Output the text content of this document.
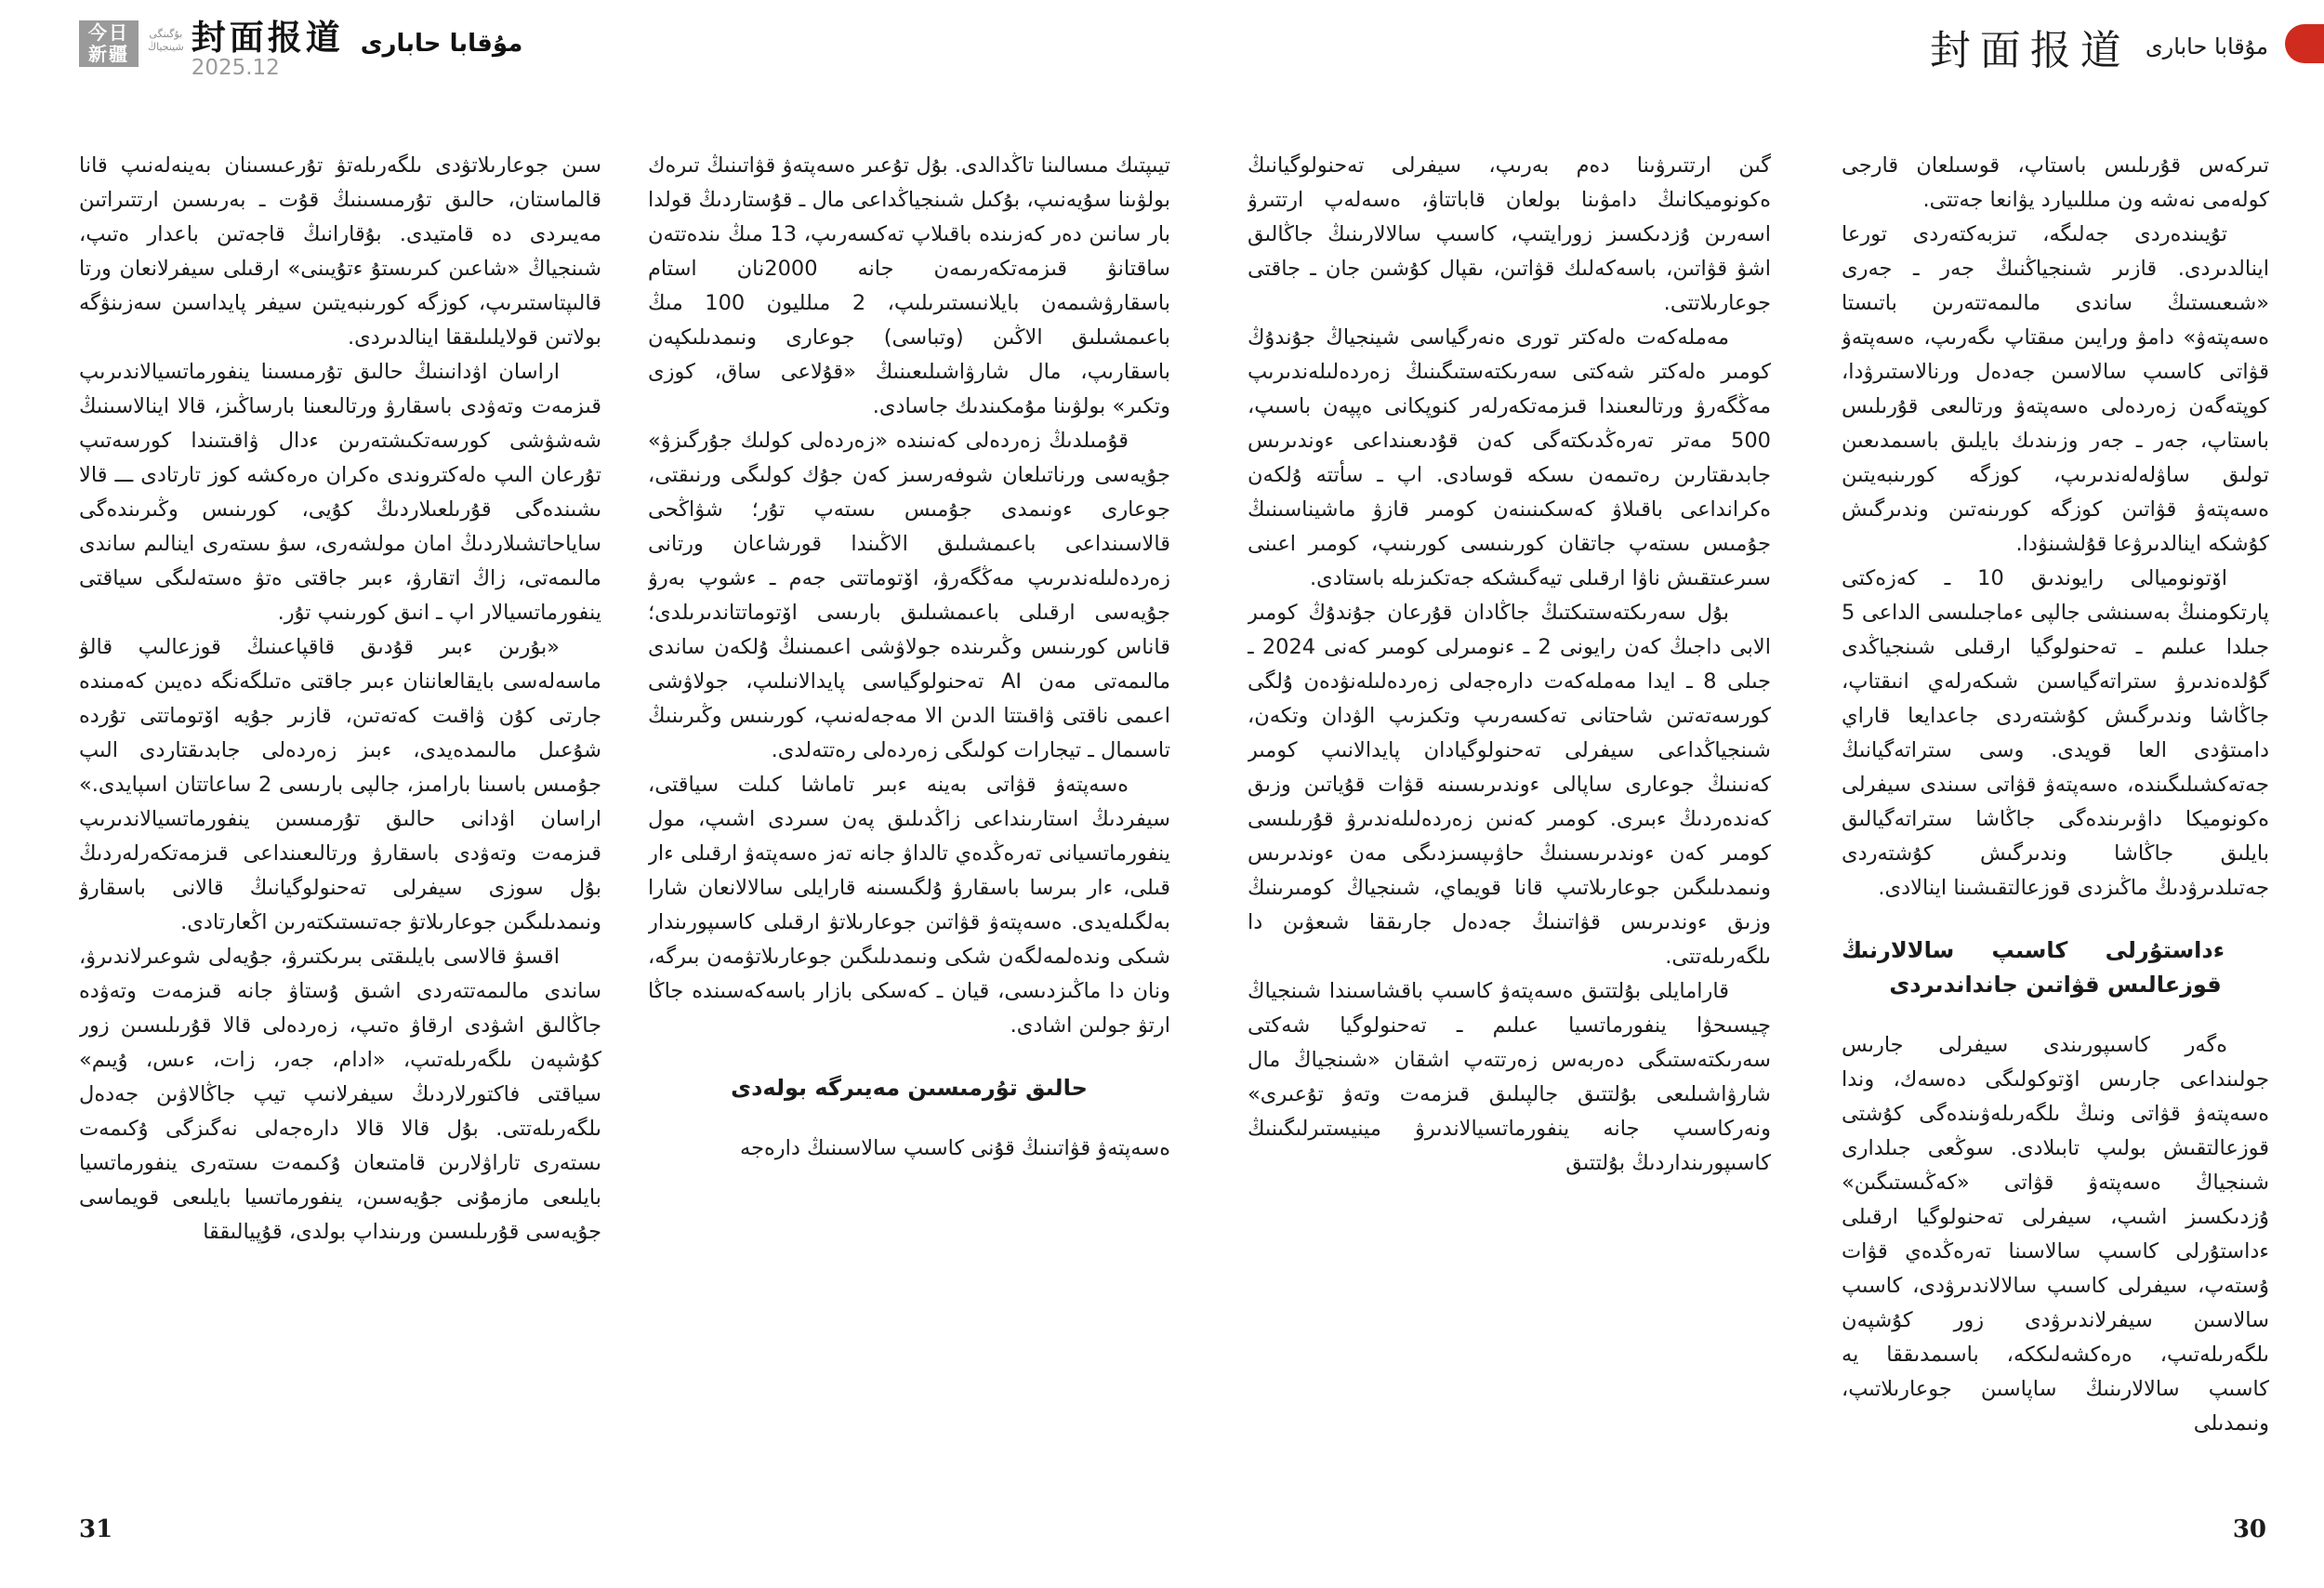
今日
新疆
بۇگىنگى
شينجياڭ 封面报道
2025.12
مۇقابا حابارى	封面报道 مۇقابا حابارى

سىن جوعارىلاتۋدى ىلگەرىلەتۋ تۇرعىسىنان بەينەلەنىپ قانا قالماستان، حالىق تۇرمىسىنىڭ قۇت ـ بەرىسىن ارتتىراتىن مەيىردى دە قامتيدى. بۇقارانىڭ قاجەتىن باعدار ەتىپ، شىنجياڭ «شاعىن كىرىستۇ ءتۇيىنى» ارقىلى سيفرلانعان ورتا قالىپتاستىرىپ، كوزگە كورىنبەيتىن سيفر پايداسىن سەزىنۋگە بولاتىن قولايلىلىققا اينالدىردى.

اراسان اۋدانىنىڭ حالىق تۇرمىسىنا ينفورماتسيالاندىرىپ قىزمەت وتەۋدى باسقارۋ ورتالىعىنا بارساڭىز، قالا اينالاسىنىڭ شەشۋشى كورسەتكىشتەرىن ءدال ۋاقىتىندا كورسەتىپ تۇرعان الىپ ەلەكتروندى ەكران ەرەكشە كوز تارتادى ـــ قالا ىشىندەگى قۇرىلعىلاردىڭ كۇيى، كورىنىس وڭىرىندەگى ساياحاتشىلاردىڭ امان مولشەرى، سۋ ىستەرى اينالىم ساندى مالىمەتى، زاڭ اتقارۋ، ءبىر جاقتى ەتۋ ەستەلىگى سياقتى ينفورماتسيالار اپ ـ انىق كورىنىپ تۇر.

«بۇرىن ءبىر قۇدىق قاقپاعىنىڭ قوزعالىپ قالۋ ماسەلەسى بايقالعاننان ءبىر جاقتى ەتىلگەنگە دەيىن كەمىندە جارتى كۇن ۋاقىت كەتەتىن، قازىر جۇيە اۆتوماتتى تۇردە شۇعىل مالىمدەيدى، ءبىز زەردەلى جابدىقتاردى الىپ جۇمىس باسىنا بارامىز، جالپى بارىسى 2 ساعاتتان اسپايدى.» اراسان اۋدانى حالىق تۇرمىسىن ينفورماتسيالاندىرىپ قىزمەت وتەۋدى باسقارۋ ورتالىعىنداعى قىزمەتكەرلەردىڭ بۇل سوزى سيفرلى تەحنولوگيانىڭ قالانى باسقارۋ ونىمدىلىگىن جوعارىلاتۋ جەتىستىكتەرىن اڭعارتادى.

اقسۋ قالاسى بايلىقتى بىرىكتىرۋ، جۇيەلى شوعىرلاندىرۋ، ساندى مالىمەتتەردى اشىق ۇستاۋ جانە قىزمەت وتەۋدە جاڭالىق اشۋدى ارقاۋ ەتىپ، زەردەلى قالا قۇرىلىسىن زور كۇشپەن ىلگەرىلەتىپ، «ادام، جەر، زات، ءىس، ۇيىم» سياقتى فاكتورلاردىڭ سيفرلانىپ تيپ جاڭالاۋىن جەدەل ىلگەرىلەتتى. بۇل قالا قالا دارەجەلى نەگىزگى ۇكىمەت ىستەرى تاراۋلارىن قامتىعان ۇكىمەت ىستەرى ينفورماتسيا بايلىعى مازمۇنى جۇيەسىن، ينفورماتسيا بايلىعى قويماسى جۇيەسى قۇرىلىسىن ورىنداپ بولدى، قۇپيالىققا

تيىپتىك مىسالىنا تاڭدالدى. بۇل تۇعىر ەسەپتەۋ قۋاتىنىڭ تىرەك بولۋىنا سۇيەنىپ، بۇكىل شىنجياڭداعى مال ـ قۇستاردىڭ قولدا بار سانىن دەر كەزىندە باقىلاپ تەكسەرىپ، 13 مىڭ ىندەتتەن ساقتانۋ قىزمەتكەرىمەن جانە 2000نان استام باسقارۋشىمەن بايلانىستىرىلىپ، 2 مىلليون 100 مىڭ باعىمشىلىق الاڭىن (وتباسى) جوعارى ونىمدىلىكپەن باسقارىپ، مال شارۋاشىلىعىنىڭ «قۇلاعى ساق، كوزى وتكىر» بولۋىنا مۇمكىندىك جاسادى.

قۇمىلدىڭ زەردەلى كەنىندە «زەردەلى كولىك جۇرگىزۋ» جۇيەسى ورناتىلعان شوفەرسىز كەن جۇك كولىگى ورنىقتى، جوعارى ءونىمدى جۇمىس ىستەپ تۇر؛ شۋاڭحى قالاسىنداعى باعىمشىلىق الاڭىندا قورشاعان ورتانى زەردەلىلەندىرىپ مەڭگەرۋ، اۆتوماتتى جەم ـ ءشوپ بەرۋ جۇيەسى ارقىلى باعىمشىلىق بارىسى اۆتوماتتاندىرىلدى؛ قاناس كورىنىس وڭىرىندە جولاۋشى اعىمىنىڭ ۇلكەن ساندى مالىمەتى مەن AI تەحنولوگياسى پايدالانىلىپ، جولاۋشى اعىمى ناقتى ۋاقىتتا الدىن الا مەجەلەنىپ، كورىنىس وڭىرىنىڭ تاسىمال ـ تيجارات كولىگى زەردەلى رەتتەلدى.

ەسەپتەۋ قۋاتى بەينە ءبىر تاماشا كىلت سياقتى، سيفردىڭ استارىنداعى زاڭدىلىق پەن سىردى اشىپ، مول ينفورماتسيانى تەرەڭدەي تالداۋ جانە تەز ەسەپتەۋ ارقىلى ءار قىلى، ءار بىرسا باسقارۋ ۇلگىسىنە قارايلى سالالانعان شارا بەلگىلەيدى. ەسەپتەۋ قۋاتىن جوعارىلاتۋ ارقىلى كاسىپورىندار شىكى وندەلمەلگەن شكى ونىمدىلىگىن جوعارىلاتۋمەن بىرگە، ونان دا ماڭىزدىسى، قيان ـ كەسكى بازار باسەكەسىندە جاڭا ارتۋ جولىن اشادى.

حالىق تۇرمىسىن مەيىرگە بولەدى

ەسەپتەۋ قۋاتىنىڭ قۇنى كاسىپ سالاسىنىڭ دارەجە

گىن ارتتىرۋىنا دەم بەرىپ، سيفرلى تەحنولوگيانىڭ ەكونوميكانىڭ دامۋىنا بولعان قاباتتاۋ، ەسەلەپ ارتتىرۋ اسەرىن ۇزدىكسىز زورايتىپ، كاسىپ سالالارىنىڭ جاڭالىق اشۋ قۋاتىن، باسەكەلىك قۋاتىن، ىقپال كۇشىن جان ـ جاقتى جوعارىلاتتى.

مەملەكەت ەلەكتر تورى ەنەرگياسى شينجياڭ جۇندۇڭ كومىر ەلەكتر شەكتى سەرىكتەستىگىنىڭ زەردەلىلەندىرىپ مەڭگەرۋ ورتالىعىندا قىزمەتكەرلەر كنوپكانى ەپپەن باسىپ، 500 مەتر تەرەڭدىكتەگى كەن قۇدىعىنداعى ءوندىرىس جابدىقتارىن رەتىمەن ىسكە قوسادى. اپ ـ سأتتە ۇلكەن ەكرانداعى باقىلاۋ كەسكىنىنەن كومىر قازۋ ماشيناسىنىڭ جۇمىس ىستەپ جاتقان كورىنىسى كورىنىپ، كومىر اعىنى سىرعىتقىش ناۋا ارقىلى تيەگىشكە جەتكىزىلە باستادى.

بۇل سەرىكتەستىكتىڭ جاڭادان قۇرعان جۇندۇڭ كومىر الابى داجىڭ كەن رايونى 2 ـ ءنومىرلى كومىر كەنى 2024 ـ جىلى 8 ـ ايدا مەملەكەت دارەجەلى زەردەلىلەنۋدەن ۇلگى كورسەتەتىن شاحتانى تەكسەرىپ وتكىزىپ الۋدان وتكەن، شىنجياڭداعى سيفرلى تەحنولوگيادان پايدالانىپ كومىر كەنىنىڭ جوعارى ساپالى ءوندىرىسىنە قۋات قۇياتىن وزىق كەندەردىڭ ءبىرى. كومىر كەنىن زەردەلىلەندىرۋ قۇرىلىسى كومىر كەن ءوندىرىسىنىڭ حاۋىپسىزدىگى مەن ءوندىرىس ونىمدىلىگىن جوعارىلاتىپ قانا قويماي، شىنجياڭ كومىرىنىڭ وزىق ءوندىرىس قۋاتىنىڭ جەدەل جارىققا شىعۋىن دا ىلگەرىلەتتى.

قارامايلى بۇلتتىق ەسەپتەۋ كاسىپ باقشاسىندا شىنجياڭ چيسىحۋا ينفورماتسيا عىلىم ـ تەحنولوگيا شەكتى سەرىكتەستىگى دەربەس زەرتتەپ اشقان «شىنجياڭ مال شارۋاشىلىعى بۇلتتىق جالپىلىق قىزمەت وتەۋ تۇعىرى» ونەركاسىپ جانە ينفورماتسيالاندىرۋ مينيستىرلىگىنىڭ كاسىپورىنداردىڭ بۇلتتىق

تىركەس قۇرىلىس باستاپ، قوسىلعان قارجى كولەمى نەشە ون مىللىيارد يۋانعا جەتتى.

تۇيىندەردى جەلىگە، تىزبەكتەردى تورعا اينالدىردى. قازىر شىنجياڭنىڭ جەر ـ جەرى «شىعىستىڭ ساندى مالىمەتتەرىن باتىستا ەسەپتەۋ» دامۋ ورايىن مىقتاپ ىگەرىپ، ەسەپتەۋ قۋاتى كاسىپ سالاسىن جەدەل ورنالاستىرۋدا، كوپتەگەن زەردەلى ەسەپتەۋ ورتالىعى قۇرىلىس باستاپ، جەر ـ جەر وزىندىك بايلىق باسىمدىعىن تولىق ساۋلەلەندىرىپ، كوزگە كورىنبەيتىن ەسەپتەۋ قۋاتىن كوزگە كورىنەتىن وندىرگىش كۇشكە اينالدىرۋعا قۇلشىنۋدا.

اۆتونوميالى رايوندىق 10 ـ كەزەكتى پارتكومنىڭ بەسىنشى جالپى ءماجىلىسى الداعى 5 جىلدا عىلىم ـ تەحنولوگيا ارقىلى شىنجياڭدى گۇلدەندىرۋ ستراتەگياسىن شىكەرلەي انىقتاپ، جاڭاشا وندىرگىش كۇشتەردى جاعدايعا قاراي دامىتۋدى العا قويدى. وسى ستراتەگيانىڭ جەتەكشىلىگىندە، ەسەپتەۋ قۋاتى سىندى سيفرلى ەكونوميكا داۋىرىندەگى جاڭاشا ستراتەگيالىق بايلىق جاڭاشا وندىرگىش كۇشتەردى جەتىلدىرۋدىڭ ماڭىزدى قوزعالتقىشىنا اينالادى.

ءداستۇرلى كاسىپ سالالارنىڭ قوزعالىس قۋاتىن جانداندىردى

ەگەر كاسىپورىندى سيفرلى جارىس جولىنداعى جارىس اۆتوكولىگى دەسەك، وندا ەسەپتەۋ قۋاتى ونىڭ ىلگەرىلەۋىندەگى كۇشتى قوزعالتقىش بولىپ تابىلادى. سوڭعى جىلدارى شىنجياڭ ەسەپتەۋ قۋاتى «كەڭىستىگىن» ۇزدىكسىز اشىپ، سيفرلى تەحنولوگيا ارقىلى ءداستۇرلى كاسىپ سالاسىنا تەرەڭدەي قۋات ۇستەپ، سيفرلى كاسىپ سالالاندىرۋدى، كاسىپ سالاسىن سيفرلاندىرۋدى زور كۇشپەن ىلگەرىلەتىپ، ەرەكشەلىككە، باسىمدىققا يە كاسىپ سالالارىنىڭ ساپاسىن جوعارىلاتىپ، ونىمدىلى

31	30
